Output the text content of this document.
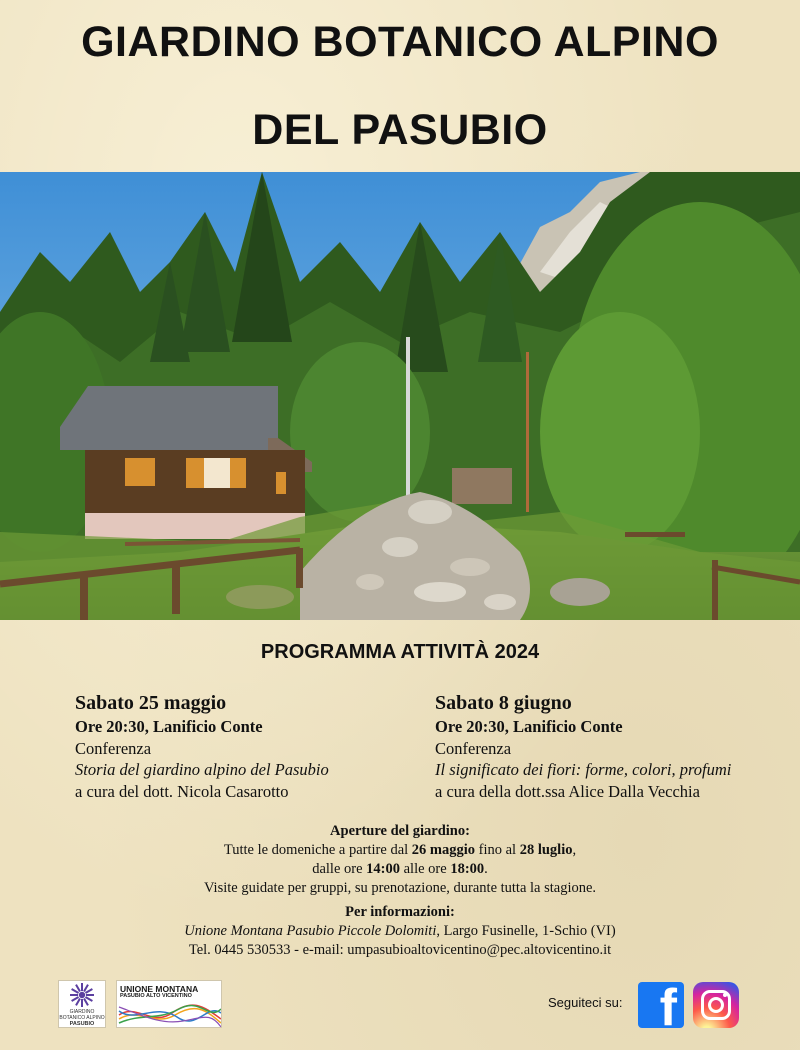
GIARDINO BOTANICO ALPINO
DEL PASUBIO
PROGRAMMA ATTIVITÀ 2024
Sabato 25 maggio
Ore 20:30, Lanificio Conte
Conferenza
Storia del giardino alpino del Pasubio
a cura del dott. Nicola Casarotto
Sabato 8 giugno
Ore 20:30, Lanificio Conte
Conferenza
Il significato dei fiori: forme, colori, profumi
a cura della dott.ssa Alice Dalla Vecchia
Aperture del giardino:
Tutte le domeniche a partire dal 26 maggio fino al 28 luglio,
dalle ore 14:00 alle ore 18:00.
Visite guidate per gruppi, su prenotazione, durante tutta la stagione.
Per informazioni:
Unione Montana Pasubio Piccole Dolomiti, Largo Fusinelle, 1-Schio (VI)
Tel. 0445 530533 - e-mail: umpasubioaltovicentino@pec.altovicentino.it
GIARDINO BOTANICO ALPINO
PASUBIO
UNIONE MONTANA
PASUBIO ALTO VICENTINO	Seguiteci su: f
